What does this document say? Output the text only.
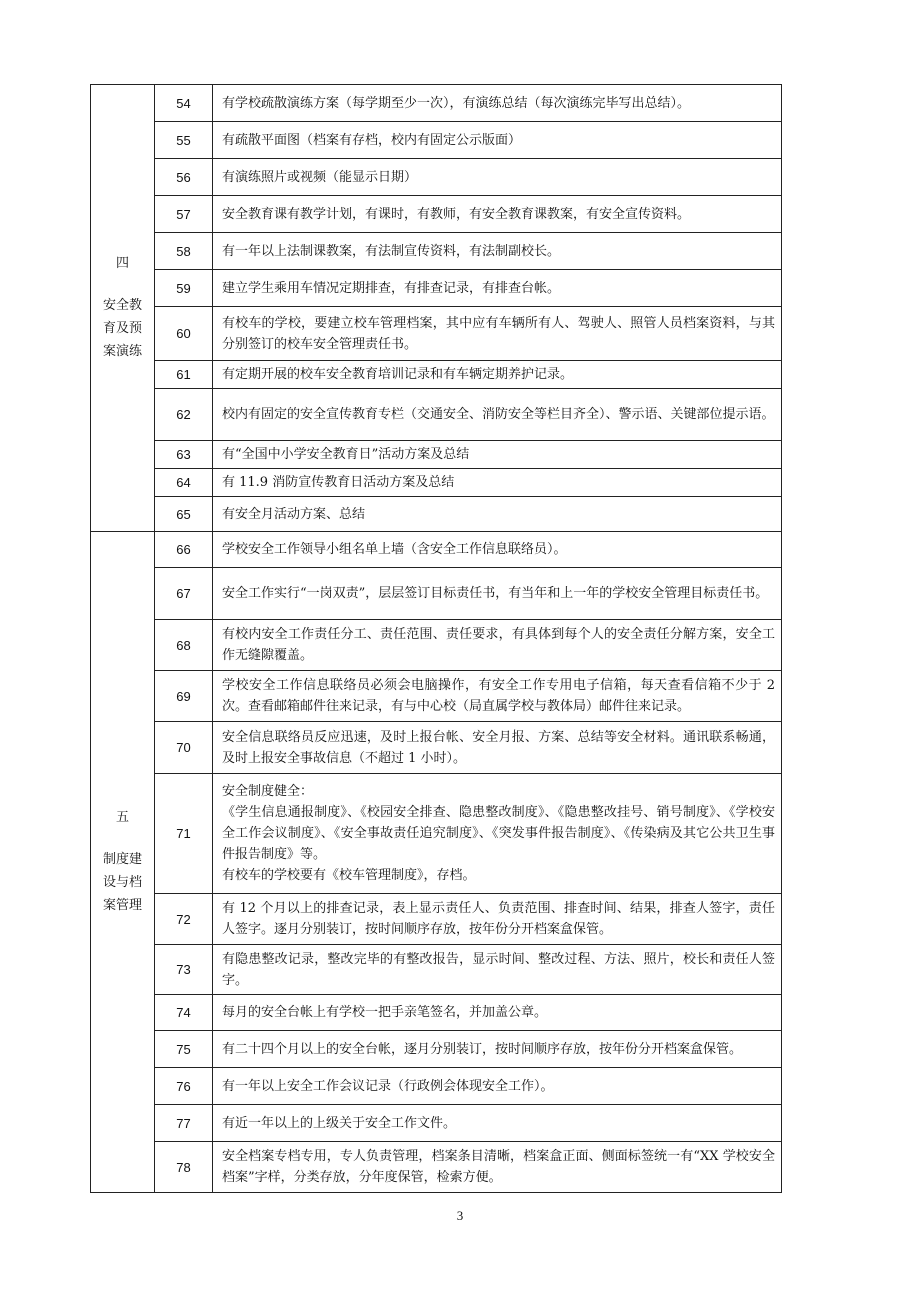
四
安全教育及预案演练	54	有学校疏散演练方案（每学期至少一次），有演练总结（每次演练完毕写出总结）。
	55	有疏散平面图（档案有存档，校内有固定公示版面）
	56	有演练照片或视频（能显示日期）
	57	安全教育课有教学计划，有课时，有教师，有安全教育课教案，有安全宣传资料。
	58	有一年以上法制课教案，有法制宣传资料，有法制副校长。
	59	建立学生乘用车情况定期排查，有排查记录，有排查台帐。
	60	有校车的学校，要建立校车管理档案，其中应有车辆所有人、驾驶人、照管人员档案资料，与其分别签订的校车安全管理责任书。
	61	有定期开展的校车安全教育培训记录和有车辆定期养护记录。
	62	校内有固定的安全宣传教育专栏（交通安全、消防安全等栏目齐全）、警示语、关键部位提示语。
	63	有“全国中小学安全教育日”活动方案及总结
	64	有 11.9 消防宣传教育日活动方案及总结
	65	有安全月活动方案、总结

五
制度建设与档案管理	66	学校安全工作领导小组名单上墙（含安全工作信息联络员）。
	67	安全工作实行“一岗双责”，层层签订目标责任书，有当年和上一年的学校安全管理目标责任书。
	68	有校内安全工作责任分工、责任范围、责任要求，有具体到每个人的安全责任分解方案，安全工作无缝隙覆盖。
	69	学校安全工作信息联络员必须会电脑操作，有安全工作专用电子信箱，每天查看信箱不少于 2 次。查看邮箱邮件往来记录，有与中心校（局直属学校与教体局）邮件往来记录。
	70	安全信息联络员反应迅速，及时上报台帐、安全月报、方案、总结等安全材料。通讯联系畅通，及时上报安全事故信息（不超过 1 小时）。
	71	安全制度健全：
《学生信息通报制度》、《校园安全排查、隐患整改制度》、《隐患整改挂号、销号制度》、《学校安全工作会议制度》、《安全事故责任追究制度》、《突发事件报告制度》、《传染病及其它公共卫生事件报告制度》等。
有校车的学校要有《校车管理制度》，存档。

	72	有 12 个月以上的排查记录，表上显示责任人、负责范围、排查时间、结果，排查人签字，责任人签字。逐月分别装订，按时间顺序存放，按年份分开档案盒保管。
	73	有隐患整改记录，整改完毕的有整改报告，显示时间、整改过程、方法、照片，校长和责任人签字。
	74	每月的安全台帐上有学校一把手亲笔签名，并加盖公章。
	75	有二十四个月以上的安全台帐，逐月分别装订，按时间顺序存放，按年份分开档案盒保管。
	76	有一年以上安全工作会议记录（行政例会体现安全工作）。
	77	有近一年以上的上级关于安全工作文件。
	78	安全档案专档专用，专人负责管理，档案条目清晰，档案盒正面、侧面标签统一有“XX 学校安全档案”字样，分类存放，分年度保管，检索方便。
3
